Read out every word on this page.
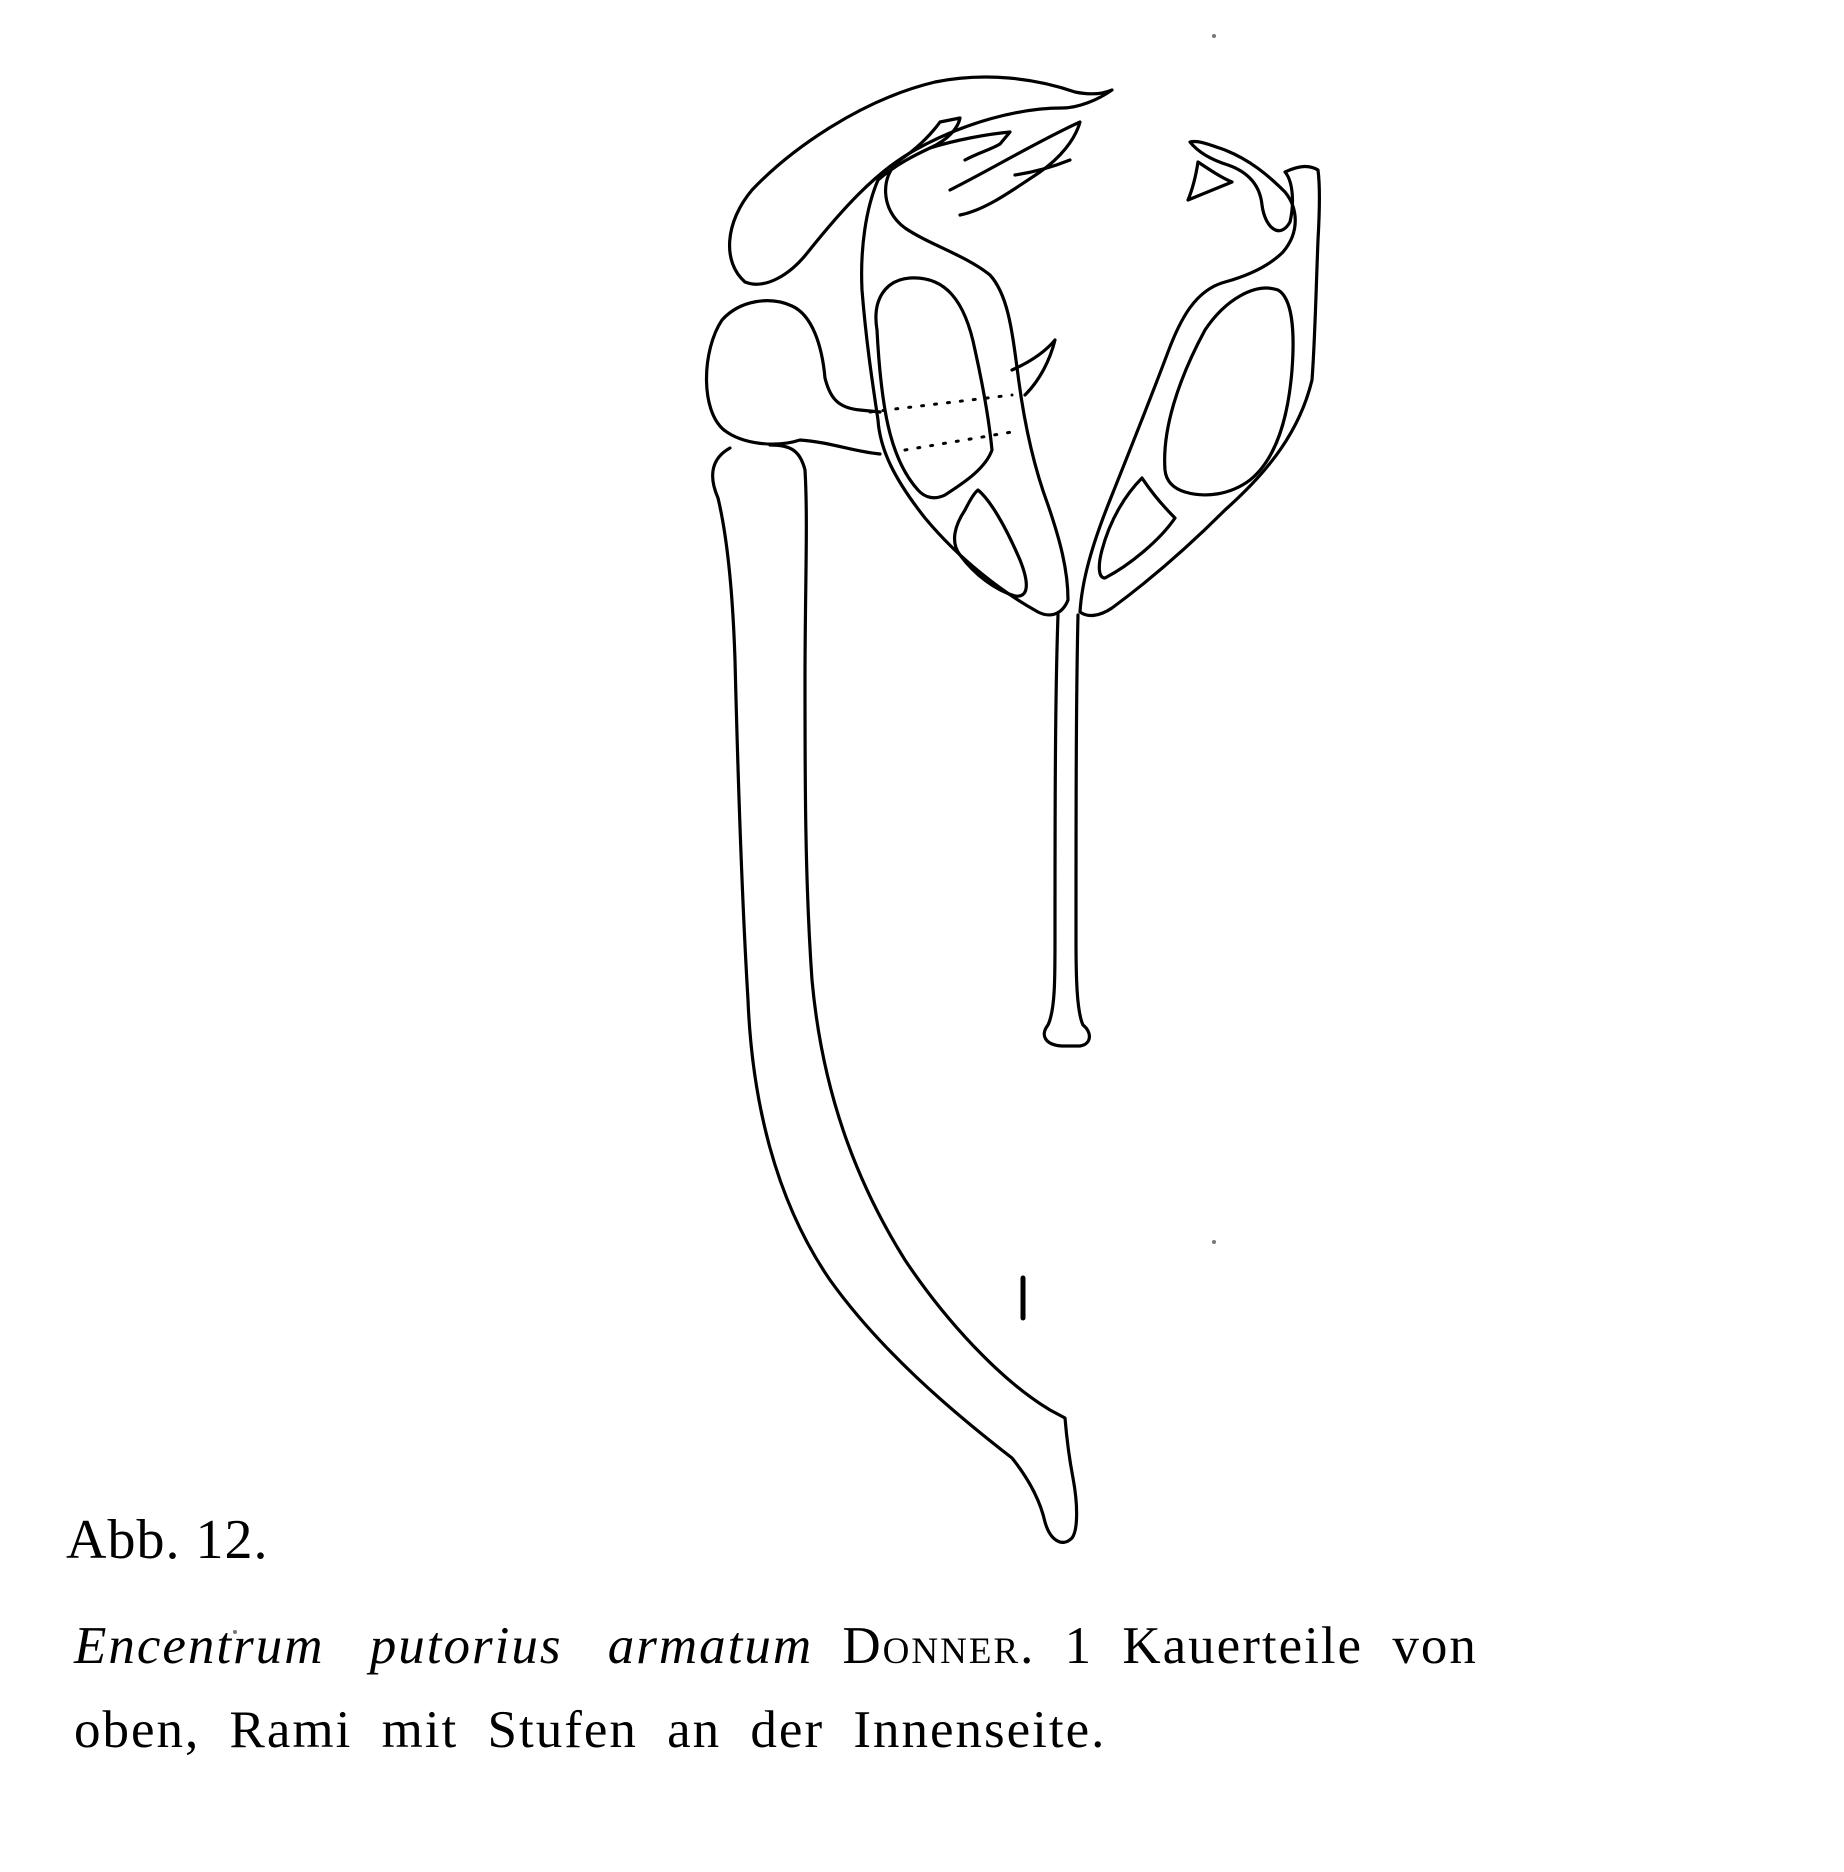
Abb. 12.
Encentrum putorius armatum Donner. 1 Kauerteile von
oben, Rami mit Stufen an der Innenseite.
